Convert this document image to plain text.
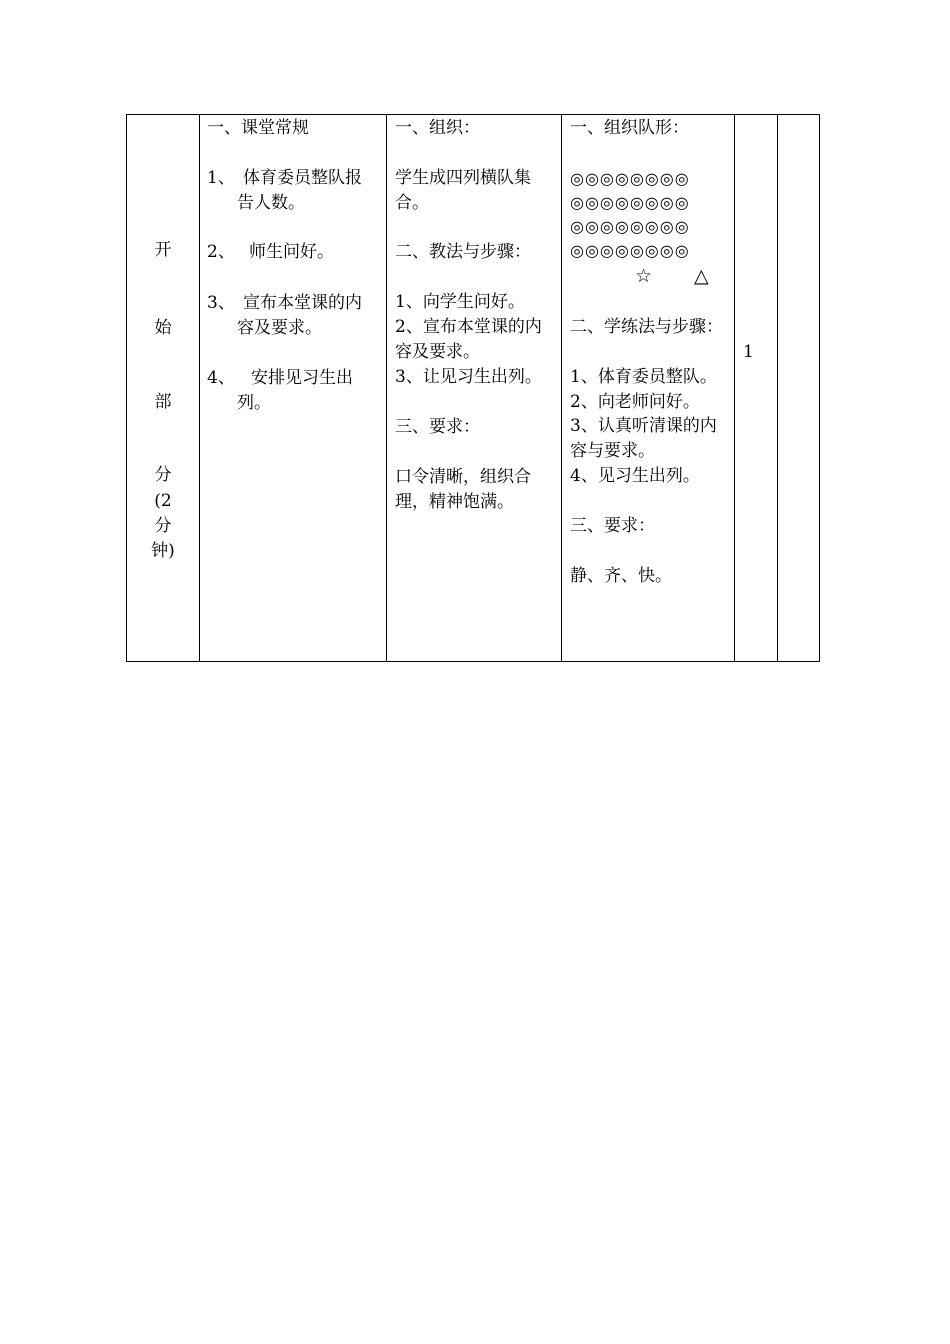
开
始
部
分
(2
分
钟)
一、课堂常规
1、 体育委员整队报
告人数。
2、 师生问好。
3、 宣布本堂课的内
容及要求。
4、 安排见习生出
列。
一、组织：
学生成四列横队集
合。
二、教法与步骤：
1、向学生问好。
2、宣布本堂课的内
容及要求。
3、让见习生出列。
三、要求：
口令清晰，组织合
理，精神饱满。
一、组织队形：
◎◎◎◎◎◎◎◎
◎◎◎◎◎◎◎◎
◎◎◎◎◎◎◎◎
◎◎◎◎◎◎◎◎
☆ △
二、学练法与步骤：
1、体育委员整队。
2、向老师问好。
3、认真听清课的内
容与要求。
4、见习生出列。
三、要求：
静、齐、快。
1
